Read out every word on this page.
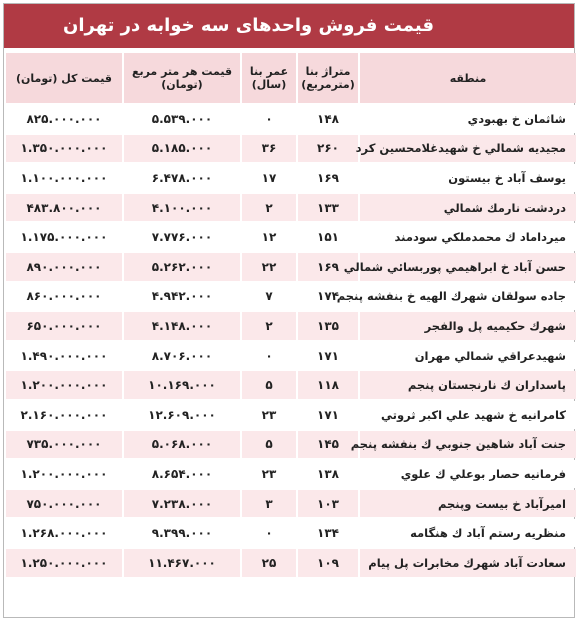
قیمت فروش واحدهای سه خوابه در تهران
منطقه	متراژ بنا (مترمربع)	عمر بنا (سال)	قیمت هر متر مربع (تومان)	قیمت کل (تومان)
شاثمان خ بهبودي	۱۴۸	۰	۵.۵۳۹.۰۰۰	۸۲۵.۰۰۰.۰۰۰
مجيديه شمالي خ شهيدغلامحسين كرد	۲۶۰	۳۶	۵.۱۸۵.۰۰۰	۱.۳۵۰.۰۰۰.۰۰۰
يوسف آباد خ بيستون	۱۶۹	۱۷	۶.۴۷۸.۰۰۰	۱.۱۰۰.۰۰۰.۰۰۰
دردشت نارمك شمالي	۱۳۳	۲	۴.۱۰۰.۰۰۰	۴۸۳.۸۰۰.۰۰۰
ميرداماد ك محمدملكي سودمند	۱۵۱	۱۲	۷.۷۷۶.۰۰۰	۱.۱۷۵.۰۰۰.۰۰۰
حسن آباد خ ابراهيمي پوربسائي شمالي	۱۶۹	۲۲	۵.۲۶۲.۰۰۰	۸۹۰.۰۰۰.۰۰۰
جاده سولقان شهرك الهيه خ بنفشه پنجم	۱۷۴	۷	۴.۹۴۲.۰۰۰	۸۶۰.۰۰۰.۰۰۰
شهرك حكيميه پل والفجر	۱۳۵	۲	۴.۱۴۸.۰۰۰	۶۵۰.۰۰۰.۰۰۰
شهيدعراقي شمالي مهران	۱۷۱	۰	۸.۷۰۶.۰۰۰	۱.۴۹۰.۰۰۰.۰۰۰
پاسداران ك نارنجستان پنجم	۱۱۸	۵	۱۰.۱۶۹.۰۰۰	۱.۲۰۰.۰۰۰.۰۰۰
كامرانيه خ شهيد علي اكبر ثروتي	۱۷۱	۲۳	۱۲.۶۰۹.۰۰۰	۲.۱۶۰.۰۰۰.۰۰۰
جنت آباد شاهين جنوبي ك بنفشه پنجم	۱۴۵	۵	۵.۰۶۸.۰۰۰	۷۳۵.۰۰۰.۰۰۰
فرمانيه حصار بوعلي ك علوي	۱۳۸	۲۳	۸.۶۵۴.۰۰۰	۱.۲۰۰.۰۰۰.۰۰۰
اميرآباد خ بيست وپنجم	۱۰۳	۳	۷.۲۳۸.۰۰۰	۷۵۰.۰۰۰.۰۰۰
منظريه رستم آباد ك هنگامه	۱۳۴	۰	۹.۳۹۹.۰۰۰	۱.۲۶۸.۰۰۰.۰۰۰
سعادت آباد شهرك مخابرات پل پيام	۱۰۹	۲۵	۱۱.۴۶۷.۰۰۰	۱.۲۵۰.۰۰۰.۰۰۰
